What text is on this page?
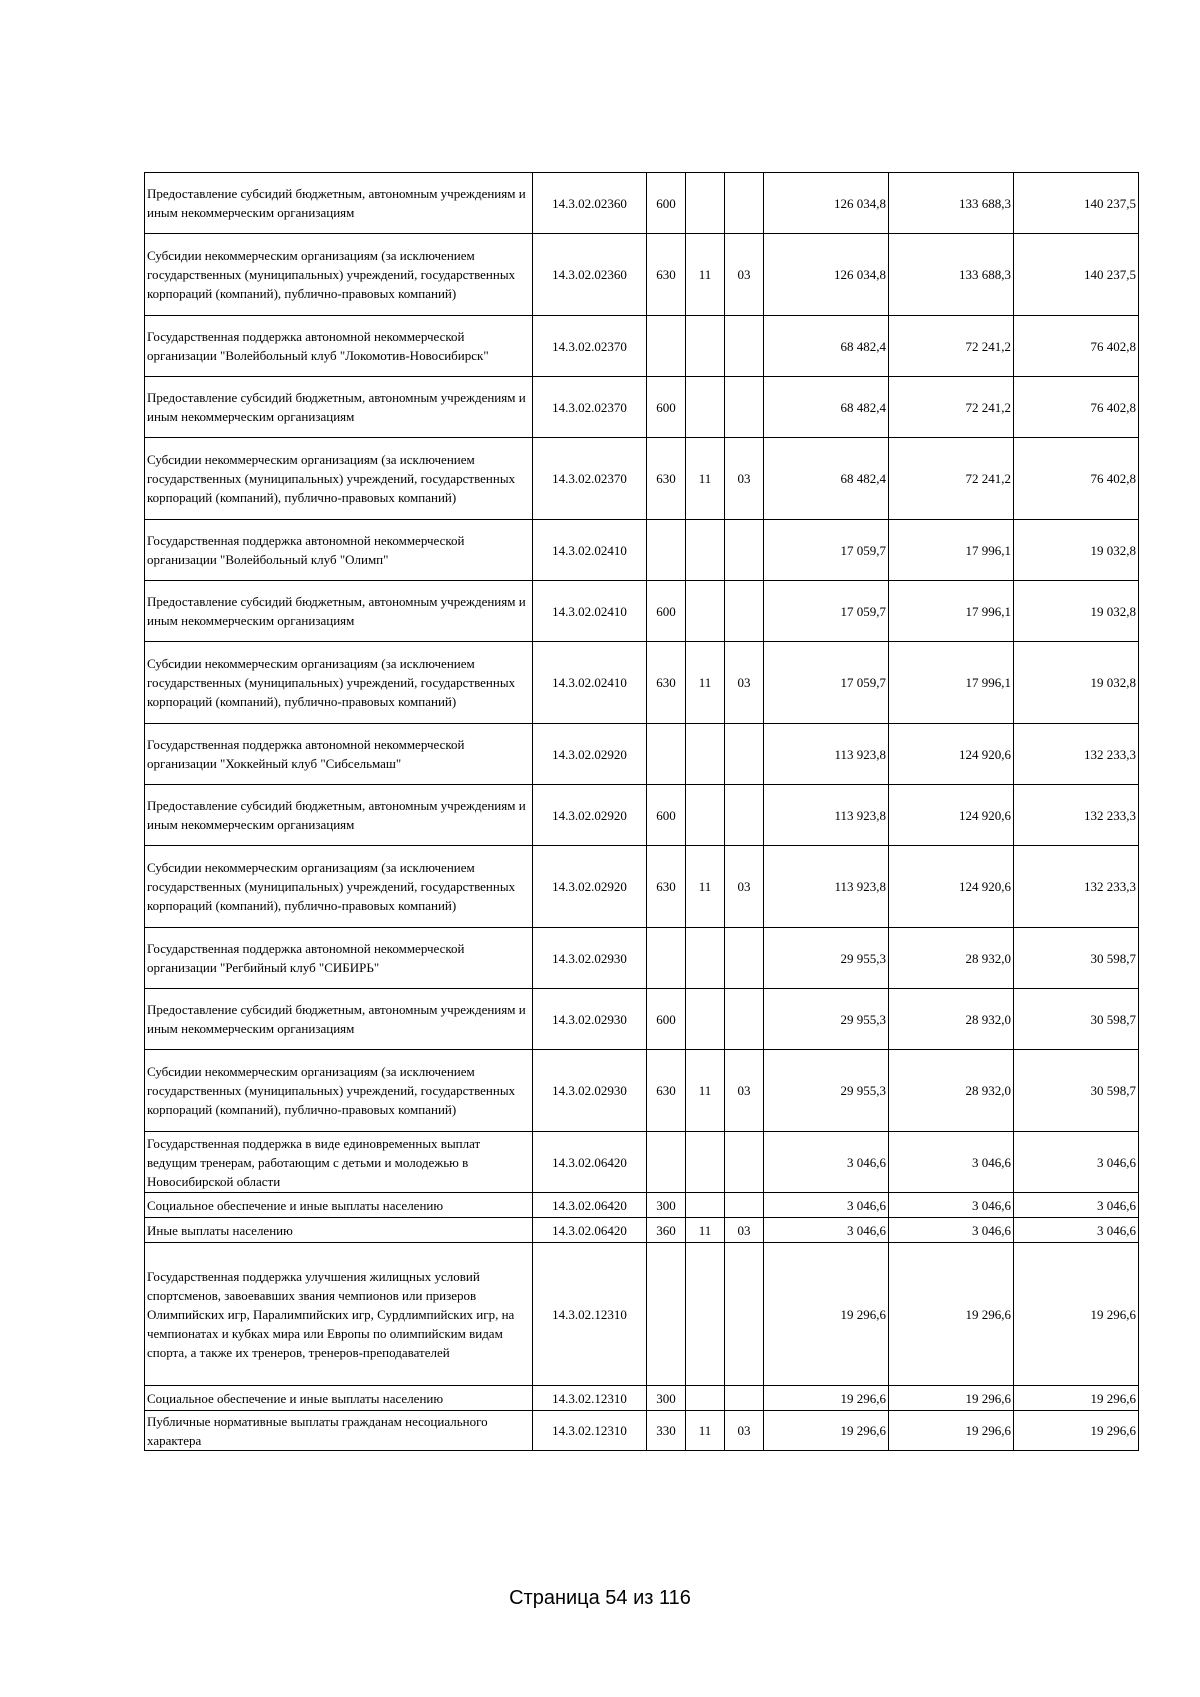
Предоставление субсидий бюджетным, автономным учреждениям и иным некоммерческим организациям	14.3.02.02360	600			126 034,8	133 688,3	140 237,5
Субсидии некоммерческим организациям (за исключением государственных (муниципальных) учреждений, государственных корпораций (компаний), публично-правовых компаний)	14.3.02.02360	630	11	03	126 034,8	133 688,3	140 237,5
Государственная поддержка автономной некоммерческой организации "Волейбольный клуб "Локомотив-Новосибирск"	14.3.02.02370				68 482,4	72 241,2	76 402,8
Предоставление субсидий бюджетным, автономным учреждениям и иным некоммерческим организациям	14.3.02.02370	600			68 482,4	72 241,2	76 402,8
Субсидии некоммерческим организациям (за исключением государственных (муниципальных) учреждений, государственных корпораций (компаний), публично-правовых компаний)	14.3.02.02370	630	11	03	68 482,4	72 241,2	76 402,8
Государственная поддержка автономной некоммерческой организации "Волейбольный клуб "Олимп"	14.3.02.02410				17 059,7	17 996,1	19 032,8
Предоставление субсидий бюджетным, автономным учреждениям и иным некоммерческим организациям	14.3.02.02410	600			17 059,7	17 996,1	19 032,8
Субсидии некоммерческим организациям (за исключением государственных (муниципальных) учреждений, государственных корпораций (компаний), публично-правовых компаний)	14.3.02.02410	630	11	03	17 059,7	17 996,1	19 032,8
Государственная поддержка автономной некоммерческой организации "Хоккейный клуб "Сибсельмаш"	14.3.02.02920				113 923,8	124 920,6	132 233,3
Предоставление субсидий бюджетным, автономным учреждениям и иным некоммерческим организациям	14.3.02.02920	600			113 923,8	124 920,6	132 233,3
Субсидии некоммерческим организациям (за исключением государственных (муниципальных) учреждений, государственных корпораций (компаний), публично-правовых компаний)	14.3.02.02920	630	11	03	113 923,8	124 920,6	132 233,3
Государственная поддержка автономной некоммерческой организации "Регбийный клуб "СИБИРЬ"	14.3.02.02930				29 955,3	28 932,0	30 598,7
Предоставление субсидий бюджетным, автономным учреждениям и иным некоммерческим организациям	14.3.02.02930	600			29 955,3	28 932,0	30 598,7
Субсидии некоммерческим организациям (за исключением государственных (муниципальных) учреждений, государственных корпораций (компаний), публично-правовых компаний)	14.3.02.02930	630	11	03	29 955,3	28 932,0	30 598,7
Государственная поддержка в виде единовременных выплат ведущим тренерам, работающим с детьми и молодежью в Новосибирской области	14.3.02.06420				3 046,6	3 046,6	3 046,6
Социальное обеспечение и иные выплаты населению	14.3.02.06420	300			3 046,6	3 046,6	3 046,6
Иные выплаты населению	14.3.02.06420	360	11	03	3 046,6	3 046,6	3 046,6
Государственная поддержка улучшения жилищных условий спортсменов, завоевавших звания чемпионов или призеров Олимпийских игр, Паралимпийских игр, Сурдлимпийских игр, на чемпионатах и кубках мира или Европы по олимпийским видам спорта, а также их тренеров, тренеров-преподавателей	14.3.02.12310				19 296,6	19 296,6	19 296,6
Социальное обеспечение и иные выплаты населению	14.3.02.12310	300			19 296,6	19 296,6	19 296,6
Публичные нормативные выплаты гражданам несоциального характера	14.3.02.12310	330	11	03	19 296,6	19 296,6	19 296,6
Страница 54 из 116
